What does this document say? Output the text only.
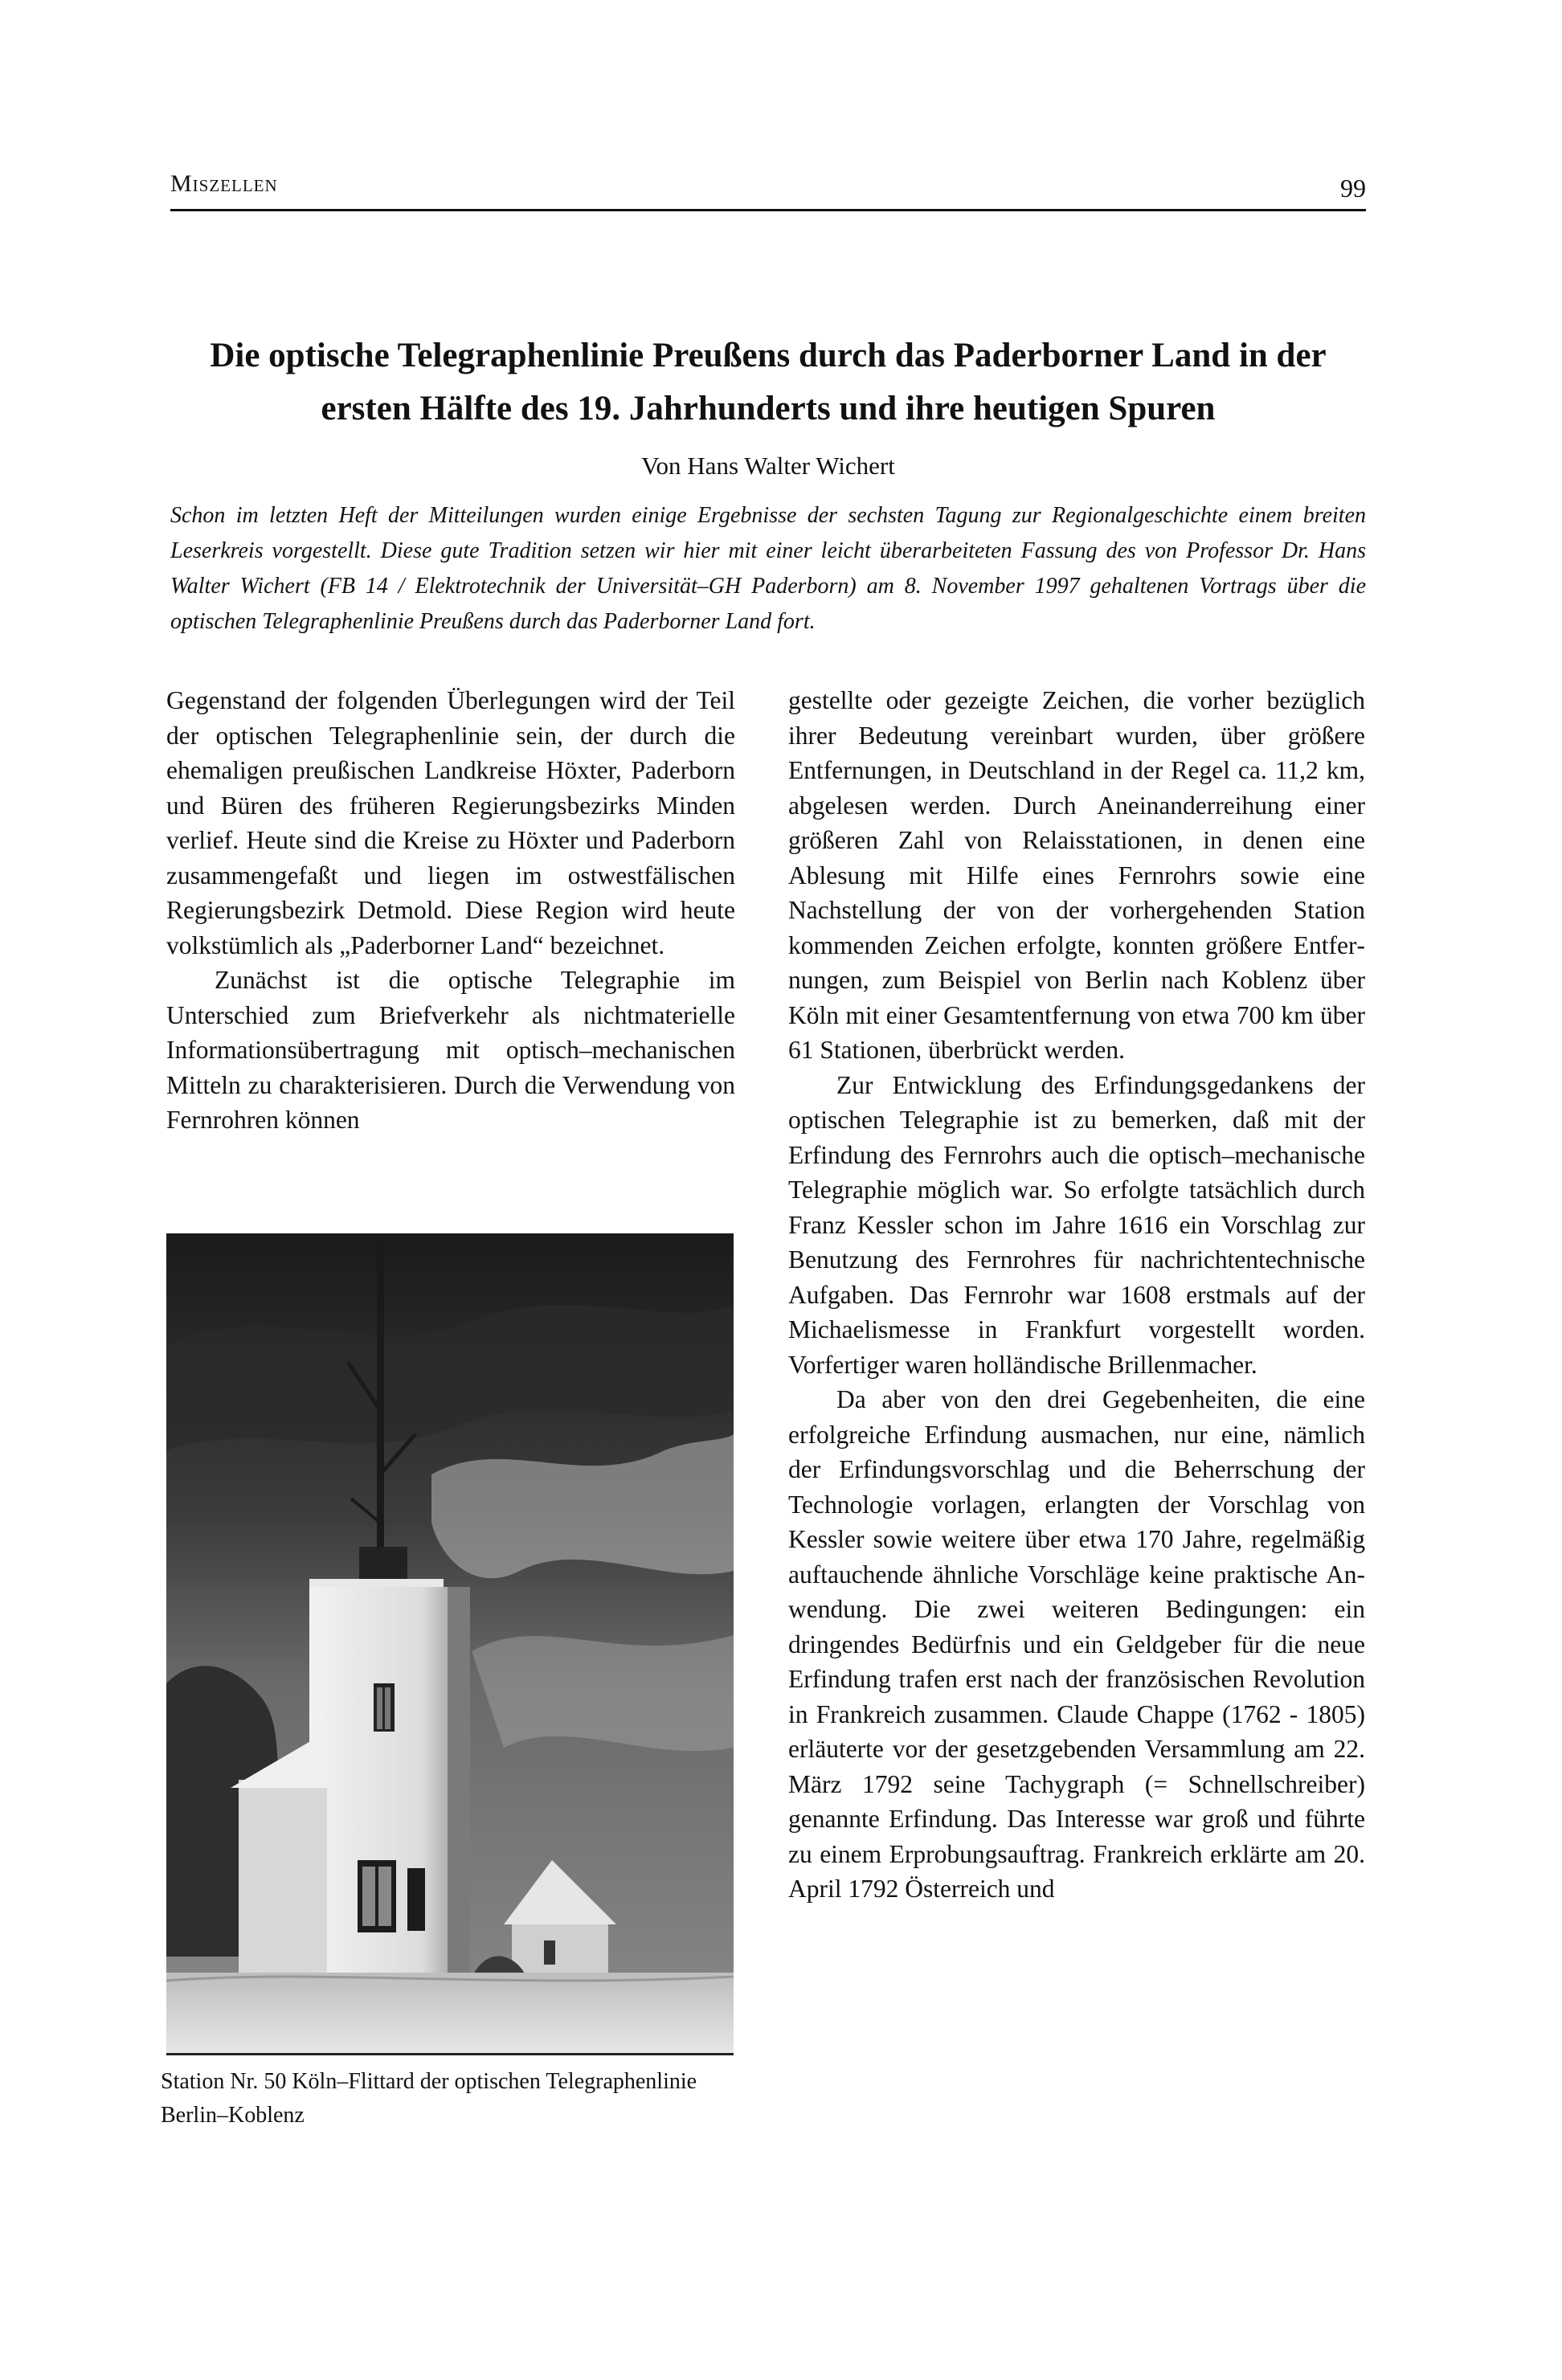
Miszellen	99
Die optische Telegraphenlinie Preußens durch das Paderborner Land in der
ersten Hälfte des 19. Jahrhunderts und ihre heutigen Spuren
Von Hans Walter Wichert
Schon im letzten Heft der Mitteilungen wurden einige Ergebnisse der sechsten Tagung zur Regionalgeschichte einem breiten Leserkreis vorgestellt. Diese gute Tradition setzen wir hier mit einer leicht überarbeiteten Fassung des von Professor Dr. Hans Walter Wichert (FB 14 / Elektrotechnik der Universität–GH Paderborn) am 8. November 1997 gehaltenen Vortrags über die optischen Telegraphenlinie Preußens durch das Paderborner Land fort.

Gegenstand der folgenden Überlegungen wird der Teil der optischen Telegraphenlinie sein, der durch die ehemaligen preußischen Landkreise Höxter, Paderborn und Büren des früheren Regierungsbezirks Minden verlief. Heute sind die Kreise zu Höxter und Paderborn zusammengefaßt und liegen im ostwestfälischen Regierungsbezirk Detmold. Diese Region wird heute volkstümlich als „Paderborner Land“ bezeichnet.

Zunächst ist die optische Telegraphie im Unterschied zum Briefverkehr als nichtmaterielle Informationsübertragung mit optisch–mechanischen Mitteln zu charakterisieren. Durch die Verwendung von Fernrohren können

Station Nr. 50 Köln–Flittard der optischen Telegraphenlinie Berlin–Koblenz

gestellte oder gezeigte Zeichen, die vorher bezüglich ihrer Bedeutung vereinbart wurden, über größere Entfernungen, in Deutschland in der Regel ca. 11,2 km, abgelesen werden. Durch Aneinanderreihung einer größeren Zahl von Relaisstationen, in denen eine Ablesung mit Hilfe eines Fernrohrs sowie eine Nachstellung der von der vorhergehenden Station kommenden Zeichen erfolgte, konnten größere Entfernungen, zum Beispiel von Berlin nach Koblenz über Köln mit einer Gesamtentfernung von etwa 700 km über 61 Stationen, überbrückt werden.

Zur Entwicklung des Erfindungsgedankens der optischen Telegraphie ist zu bemerken, daß mit der Erfindung des Fernrohrs auch die optisch–mechanische Telegraphie möglich war. So erfolgte tatsächlich durch Franz Kessler schon im Jahre 1616 ein Vorschlag zur Benutzung des Fernrohres für nachrichtentechnische Aufgaben. Das Fernrohr war 1608 erstmals auf der Michaelismesse in Frankfurt vorgestellt worden. Vorfertiger waren holländische Brillenmacher.

Da aber von den drei Gegebenheiten, die eine erfolgreiche Erfindung ausmachen, nur eine, nämlich der Erfindungsvorschlag und die Beherrschung der Technologie vorlagen, erlangten der Vorschlag von Kessler sowie weitere über etwa 170 Jahre, regelmäßig auftauchende ähnliche Vorschläge keine praktische Anwendung. Die zwei weiteren Bedingungen: ein dringendes Bedürfnis und ein Geldgeber für die neue Erfindung trafen erst nach der französischen Revolution in Frankreich zusammen. Claude Chappe (1762 - 1805) erläuterte vor der gesetzgebenden Versammlung am 22. März 1792 seine Tachygraph (= Schnellschreiber) genannte Erfindung. Das Interesse war groß und führte zu einem Erprobungsauftrag. Frankreich erklärte am 20. April 1792 Österreich und
